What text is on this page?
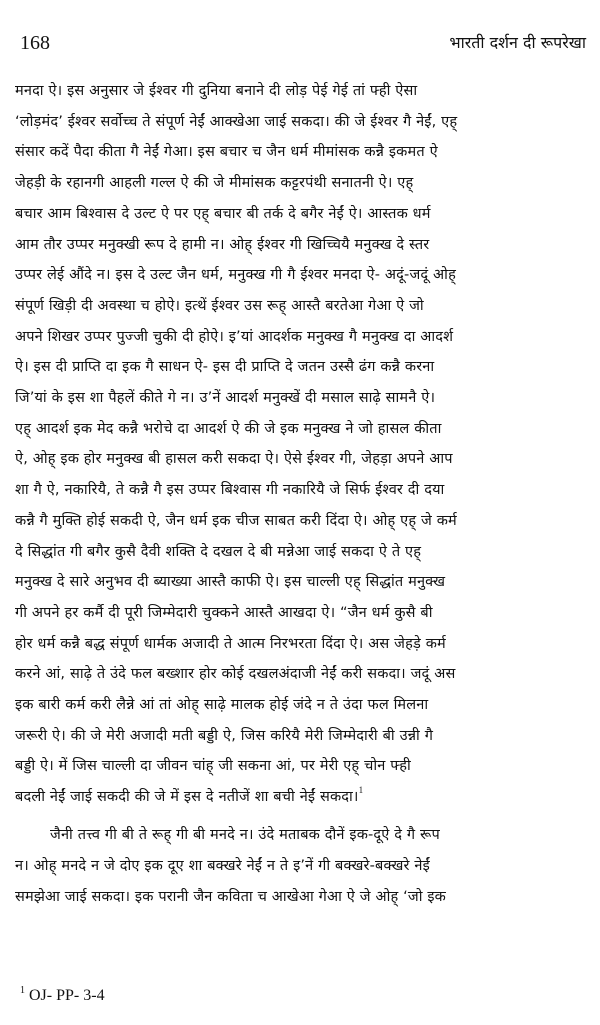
168	भारती दर्शन दी रूपरेखा
मनदा ऐ। इस अनुसार जे ईश्वर गी दुनिया बनाने दी लोड़ पेई गेई तां फ्ही ऐसा
‘लोड़मंद’ ईश्वर सर्वोच्च ते संपूर्ण नेईं आक्खेआ जाई सकदा। की जे ईश्वर गै नेईं, एह्
संसार कदें पैदा कीता गै नेईं गेआ। इस बचार च जैन धर्म मीमांसक कन्नै इकमत ऐ
जेहड़ी के रहानगी आहली गल्ल ऐ की जे मीमांसक कट्टरपंथी सनातनी ऐ। एह्
बचार आम बिश्वास दे उल्ट ऐ पर एह् बचार बी तर्क दे बगैर नेईं ऐ। आस्तक धर्म
आम तौर उप्पर मनुक्खी रूप दे हामी न। ओह् ईश्वर गी खिच्चियै मनुक्ख दे स्तर
उप्पर लेई औंदे न। इस दे उल्ट जैन धर्म, मनुक्ख गी गै ईश्वर मनदा ऐ- अदूं-जदूं ओह्
संपूर्ण खिड़ी दी अवस्था च होऐ। इत्थें ईश्वर उस रूह् आस्तै बरतेआ गेआ ऐ जो
अपने शिखर उप्पर पुज्जी चुकी दी होऐ। इ’यां आदर्शक मनुक्ख गै मनुक्ख दा आदर्श
ऐ। इस दी प्राप्ति दा इक गै साधन ऐ- इस दी प्राप्ति दे जतन उस्सै ढंग कन्नै करना
जि’यां के इस शा पैहलें कीते गे न। उ’नें आदर्श मनुक्खें दी मसाल साढ़े सामनै ऐ।
एह् आदर्श इक मेद कन्नै भरोचे दा आदर्श ऐ की जे इक मनुक्ख ने जो हासल कीता
ऐ, ओह् इक होर मनुक्ख बी हासल करी सकदा ऐ। ऐसे ईश्वर गी, जेहड़ा अपने आप
शा गै ऐ, नकारियै, ते कन्नै गै इस उप्पर बिश्वास गी नकारियै जे सिर्फ ईश्वर दी दया
कन्नै गै मुक्ति होई सकदी ऐ, जैन धर्म इक चीज साबत करी दिंदा ऐ। ओह् एह् जे कर्म
दे सिद्धांत गी बगैर कुसै दैवी शक्ति दे दखल दे बी मन्नेआ जाई सकदा ऐ ते एह्
मनुक्ख दे सारे अनुभव दी ब्याख्या आस्तै काफी ऐ। इस चाल्ली एह् सिद्धांत मनुक्ख
गी अपने हर कर्मै दी पूरी जिम्मेदारी चुक्कने आस्तै आखदा ऐ। “जैन धर्म कुसै बी
होर धर्म कन्नै बद्ध संपूर्ण धार्मक अजादी ते आत्म निरभरता दिंदा ऐ। अस जेहड़े कर्म
करने आं, साढ़े ते उंदे फल बख्शार होर कोई दखलअंदाजी नेईं करी सकदा। जदूं अस
इक बारी कर्म करी लैन्ने आं तां ओह् साढ़े मालक होई जंदे न ते उंदा फल मिलना
जरूरी ऐ। की जे मेरी अजादी मती बड्डी ऐ, जिस करियै मेरी जिम्मेदारी बी उन्नी गै
बड्डी ऐ। में जिस चाल्ली दा जीवन चांह् जी सकना आं, पर मेरी एह् चोन फ्ही
बदली नेईं जाई सकदी की जे में इस दे नतीजें शा बची नेईं सकदा।$^1$
जैनी तत्त्व गी बी ते रूह् गी बी मनदे न। उंदे मताबक दौनें इक-दूऐ दे गै रूप
न। ओह् मनदे न जे दोए इक दूए शा बक्खरे नेईं न ते इ’नें गी बक्खरे-बक्खरे नेईं
समझेआ जाई सकदा। इक परानी जैन कविता च आखेआ गेआ ऐ जे ओह् ‘जो इक
$^1$ OJ- PP- 3-4
